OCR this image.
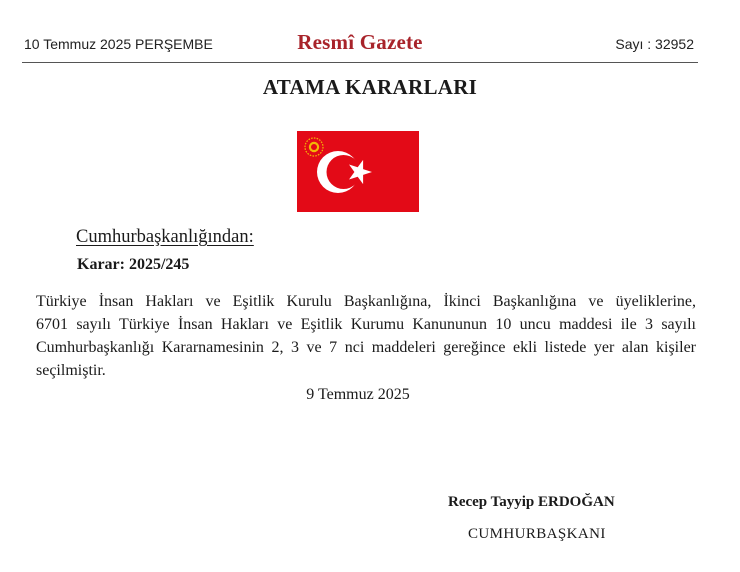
10 Temmuz 2025 PERŞEMBE	Resmî Gazete	Sayı : 32952
ATAMA KARARLARI
Cumhurbaşkanlığından:
Karar: 2025/245

Türkiye İnsan Hakları ve Eşitlik Kurulu Başkanlığına, İkinci Başkanlığına ve üyeliklerine,
6701 sayılı Türkiye İnsan Hakları ve Eşitlik Kurumu Kanununun 10 uncu maddesi ile 3 sayılı
Cumhurbaşkanlığı Kararnamesinin 2, 3 ve 7 nci maddeleri gereğince ekli listede yer alan kişiler
seçilmiştir.

9 Temmuz 2025
Recep Tayyip ERDOĞAN
CUMHURBAŞKANI
